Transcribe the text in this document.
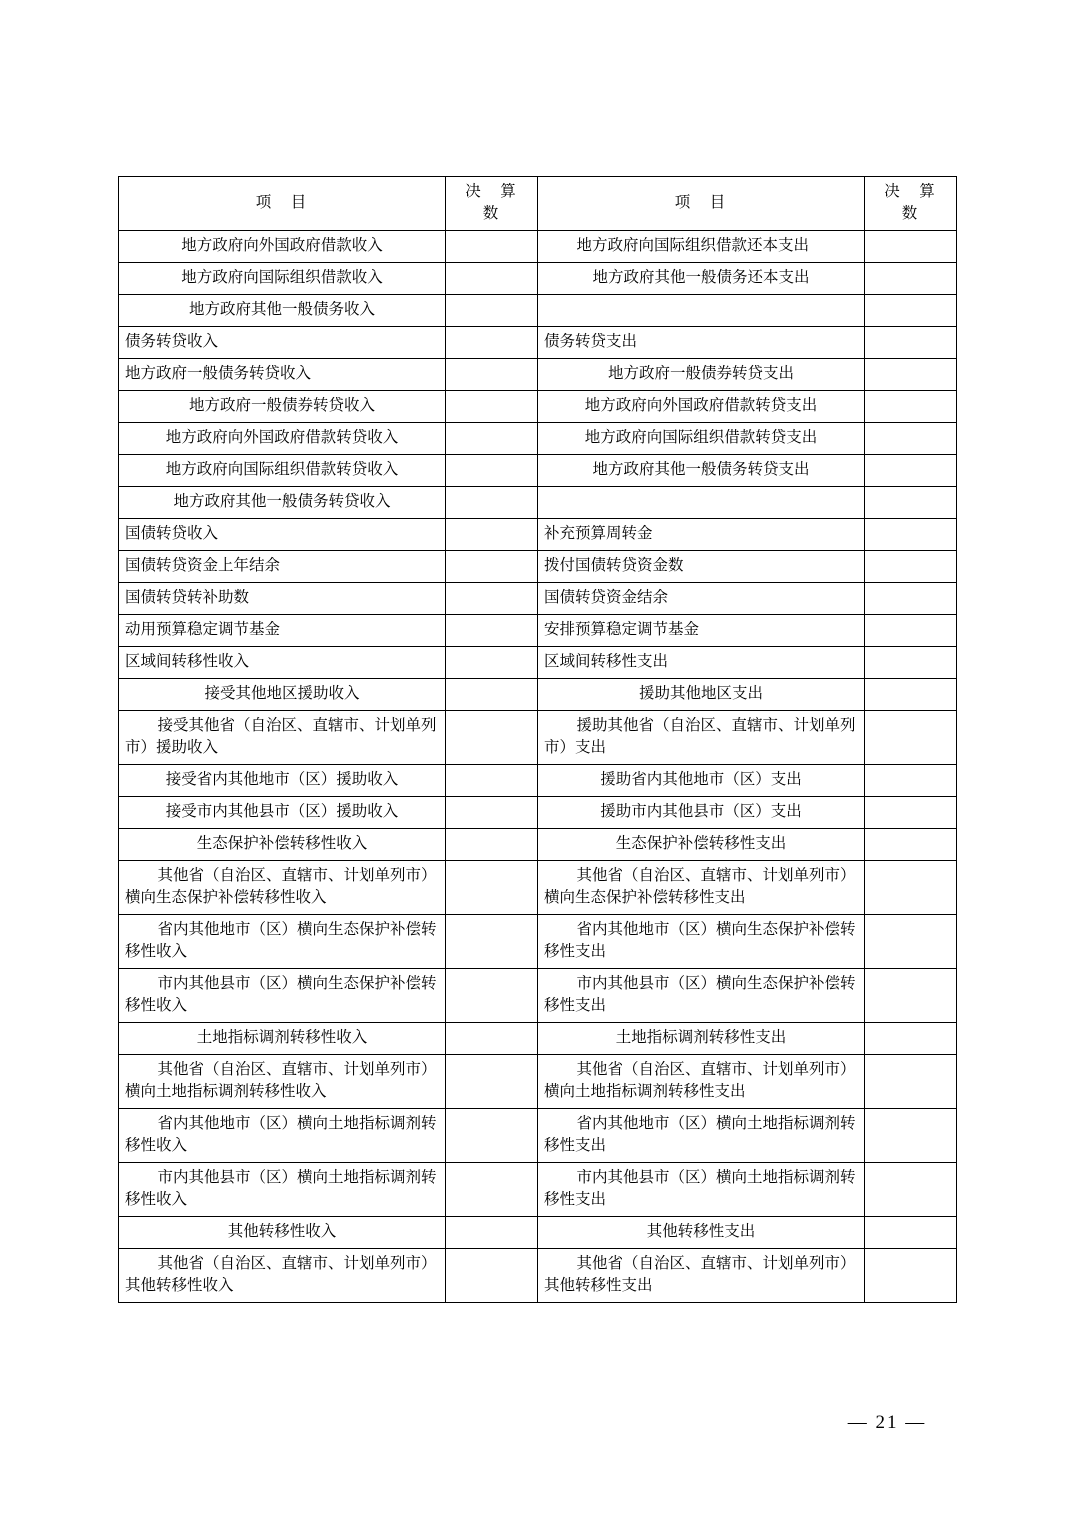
项　目	决　算　数	项　目	决　算　数
地方政府向外国政府借款收入		地方政府向国际组织借款还本支出	
地方政府向国际组织借款收入		地方政府其他一般债务还本支出	
地方政府其他一般债务收入			
债务转贷收入		债务转贷支出	
地方政府一般债务转贷收入		地方政府一般债券转贷支出	
地方政府一般债券转贷收入		地方政府向外国政府借款转贷支出	
地方政府向外国政府借款转贷收入		地方政府向国际组织借款转贷支出	
地方政府向国际组织借款转贷收入		地方政府其他一般债务转贷支出	
地方政府其他一般债务转贷收入			
国债转贷收入		补充预算周转金	
国债转贷资金上年结余		拨付国债转贷资金数	
国债转贷转补助数		国债转贷资金结余	
动用预算稳定调节基金		安排预算稳定调节基金	
区域间转移性收入		区域间转移性支出	
接受其他地区援助收入		援助其他地区支出	
接受其他省（自治区、直辖市、计划单列市）援助收入		援助其他省（自治区、直辖市、计划单列市）支出	
接受省内其他地市（区）援助收入		援助省内其他地市（区）支出	
接受市内其他县市（区）援助收入		援助市内其他县市（区）支出	
生态保护补偿转移性收入		生态保护补偿转移性支出	
其他省（自治区、直辖市、计划单列市）横向生态保护补偿转移性收入		其他省（自治区、直辖市、计划单列市）横向生态保护补偿转移性支出	
省内其他地市（区）横向生态保护补偿转移性收入		省内其他地市（区）横向生态保护补偿转移性支出	
市内其他县市（区）横向生态保护补偿转移性收入		市内其他县市（区）横向生态保护补偿转移性支出	
土地指标调剂转移性收入		土地指标调剂转移性支出	
其他省（自治区、直辖市、计划单列市）横向土地指标调剂转移性收入		其他省（自治区、直辖市、计划单列市）横向土地指标调剂转移性支出	
省内其他地市（区）横向土地指标调剂转移性收入		省内其他地市（区）横向土地指标调剂转移性支出	
市内其他县市（区）横向土地指标调剂转移性收入		市内其他县市（区）横向土地指标调剂转移性支出	
其他转移性收入		其他转移性支出	
其他省（自治区、直辖市、计划单列市）其他转移性收入		其他省（自治区、直辖市、计划单列市）其他转移性支出	
— 21 —
